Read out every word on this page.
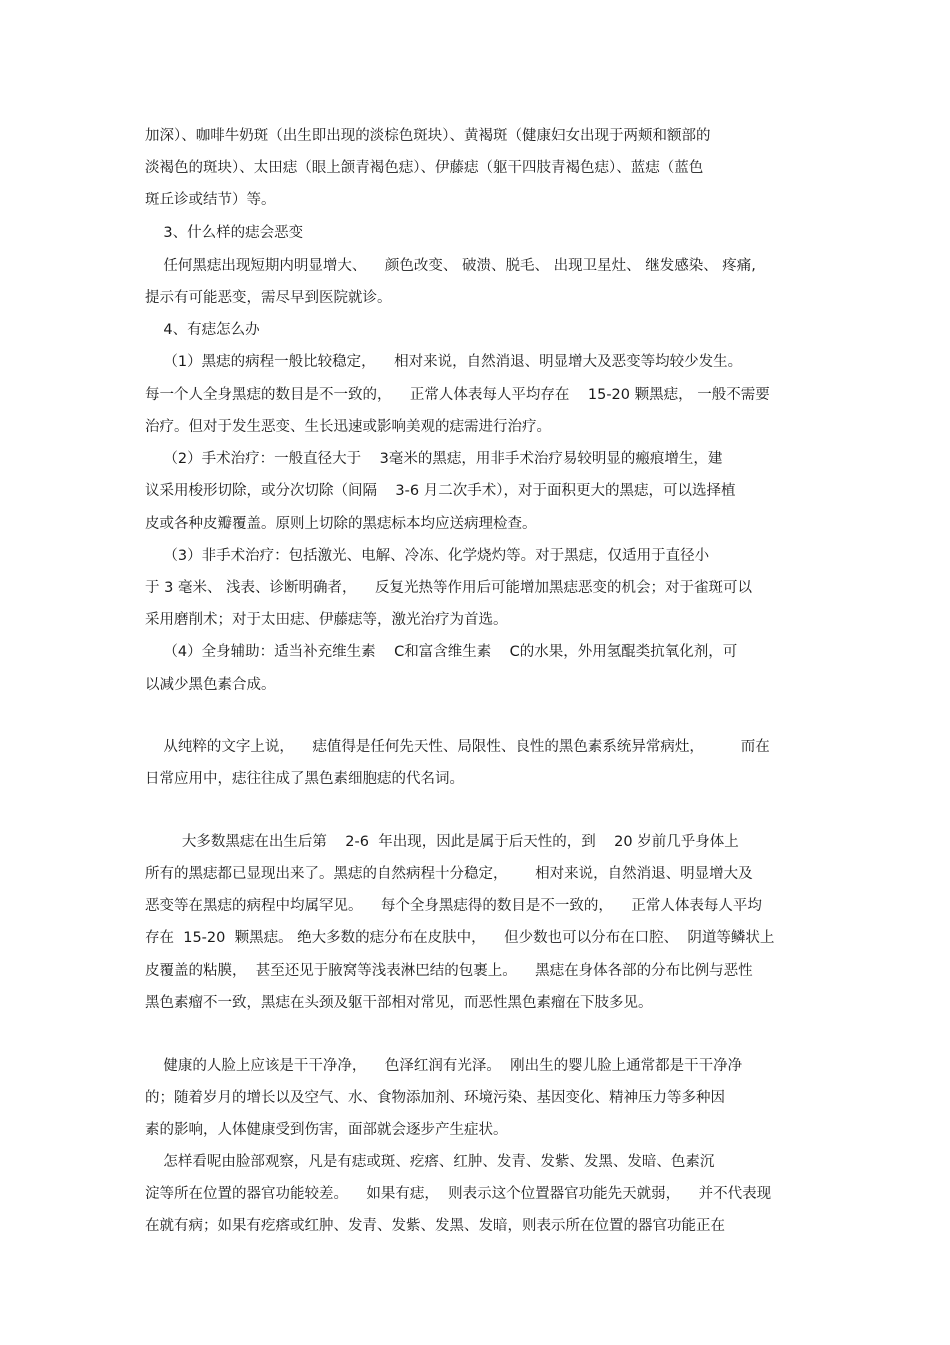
加深）、咖啡牛奶斑（出生即出现的淡棕色斑块）、黄褐斑（健康妇女出现于两颊和额部的

淡褐色的斑块）、太田痣（眼上颌青褐色痣）、伊藤痣（躯干四肢青褐色痣）、蓝痣（蓝色

斑丘诊或结节）等。

3、什么样的痣会恶变

任何黑痣出现短期内明显增大、    颜色改变、 破溃、脱毛、 出现卫星灶、 继发感染、 疼痛,

提示有可能恶变，需尽早到医院就诊。

4、有痣怎么办

（1）黑痣的病程一般比较稳定，    相对来说，自然消退、明显增大及恶变等均较少发生。

每一个人全身黑痣的数目是不一致的，    正常人体表每人平均存在    15-20 颗黑痣， 一般不需要

治疗。但对于发生恶变、生长迅速或影响美观的痣需进行治疗。

（2）手术治疗：一般直径大于    3毫米的黑痣，用非手术治疗易较明显的瘢痕增生，建

议采用梭形切除，或分次切除（间隔    3-6 月二次手术），对于面积更大的黑痣，可以选择植

皮或各种皮瓣覆盖。原则上切除的黑痣标本均应送病理检查。

（3）非手术治疗：包括激光、电解、冷冻、化学烧灼等。对于黑痣，仅适用于直径小

于 3 毫米、 浅表、诊断明确者，    反复光热等作用后可能增加黑痣恶变的机会；对于雀斑可以

采用磨削术；对于太田痣、伊藤痣等，激光治疗为首选。

（4）全身辅助：适当补充维生素    C和富含维生素    C的水果，外用氢醌类抗氧化剂，可

以减少黑色素合成。

从纯粹的文字上说，    痣值得是任何先天性、局限性、良性的黑色素系统异常病灶，        而在

日常应用中，痣往往成了黑色素细胞痣的代名词。

大多数黑痣在出生后第    2-6  年出现，因此是属于后天性的，到    20 岁前几乎身体上

所有的黑痣都已显现出来了。黑痣的自然病程十分稳定，      相对来说，自然消退、明显增大及

恶变等在黑痣的病程中均属罕见。    每个全身黑痣得的数目是不一致的，    正常人体表每人平均

存在  15-20  颗黑痣。 绝大多数的痣分布在皮肤中，    但少数也可以分布在口腔、  阴道等鳞状上

皮覆盖的粘膜，  甚至还见于腋窝等浅表淋巴结的包裹上。    黑痣在身体各部的分布比例与恶性

黑色素瘤不一致，黑痣在头颈及躯干部相对常见，而恶性黑色素瘤在下肢多见。

健康的人脸上应该是干干净净，    色泽红润有光泽。  刚出生的婴儿脸上通常都是干干净净

的；随着岁月的增长以及空气、水、食物添加剂、环境污染、基因变化、精神压力等多种因

素的影响，人体健康受到伤害，面部就会逐步产生症状。

怎样看呢由脸部观察，凡是有痣或斑、疙瘩、红肿、发青、发紫、发黑、发暗、色素沉

淀等所在位置的器官功能较差。    如果有痣，  则表示这个位置器官功能先天就弱，    并不代表现

在就有病；如果有疙瘩或红肿、发青、发紫、发黑、发暗，则表示所在位置的器官功能正在
